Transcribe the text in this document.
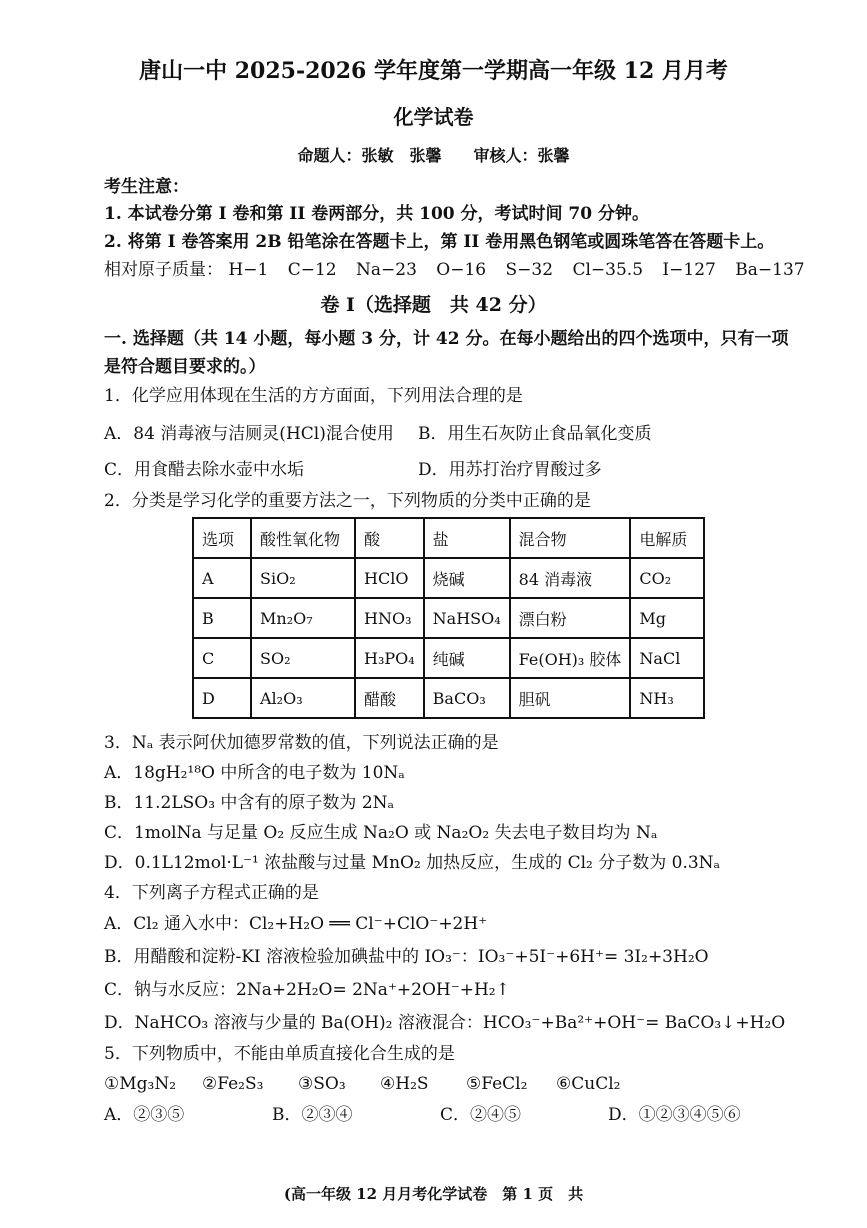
唐山一中 2025-2026 学年度第一学期高一年级 12 月月考
化学试卷
命题人：张敏　张馨　　审核人：张馨
考生注意：
1. 本试卷分第 I 卷和第 II 卷两部分，共 100 分，考试时间 70 分钟。
2. 将第 I 卷答案用 2B 铅笔涂在答题卡上，第 II 卷用黑色钢笔或圆珠笔答在答题卡上。
相对原子质量： H−1 C−12 Na−23 O−16 S−32 Cl−35.5 I−127 Ba−137
卷 I（选择题　共 42 分）
一. 选择题（共 14 小题，每小题 3 分，计 42 分。在每小题给出的四个选项中，只有一项
是符合题目要求的。）
1．化学应用体现在生活的方方面面，下列用法合理的是
A．84 消毒液与洁厕灵(HCl)混合使用 B．用生石灰防止食品氧化变质
C．用食醋去除水壶中水垢	D．用苏打治疗胃酸过多
2．分类是学习化学的重要方法之一，下列物质的分类中正确的是
选项	酸性氧化物	酸	盐	混合物	电解质
A	SiO₂	HClO	烧碱	84 消毒液	CO₂
B	Mn₂O₇	HNO₃	NaHSO₄	漂白粉	Mg
C	SO₂	H₃PO₄	纯碱	Fe(OH)₃ 胶体	NaCl
D	Al₂O₃	醋酸	BaCO₃	胆矾	NH₃
3．Nₐ 表示阿伏加德罗常数的值，下列说法正确的是
A．18gH₂¹⁸O 中所含的电子数为 10Nₐ
B．11.2LSO₃ 中含有的原子数为 2Nₐ
C．1molNa 与足量 O₂ 反应生成 Na₂O 或 Na₂O₂ 失去电子数目均为 Nₐ
D．0.1L12mol·L⁻¹ 浓盐酸与过量 MnO₂ 加热反应，生成的 Cl₂ 分子数为 0.3Nₐ
4．下列离子方程式正确的是
A．Cl₂ 通入水中：Cl₂+H₂O ══ Cl⁻+ClO⁻+2H⁺
B．用醋酸和淀粉-KI 溶液检验加碘盐中的 IO₃⁻：IO₃⁻+5I⁻+6H⁺= 3I₂+3H₂O
C．钠与水反应：2Na+2H₂O= 2Na⁺+2OH⁻+H₂↑
D．NaHCO₃ 溶液与少量的 Ba(OH)₂ 溶液混合：HCO₃⁻+Ba²⁺+OH⁻= BaCO₃↓+H₂O
5．下列物质中，不能由单质直接化合生成的是
①Mg₃N₂ ②Fe₂S₃ ③SO₃ ④H₂S ⑤FeCl₂ ⑥CuCl₂
A．②③⑤	B．②③④	C．②④⑤	D．①②③④⑤⑥
(高一年级 12 月月考化学试卷　第 1 页　共
